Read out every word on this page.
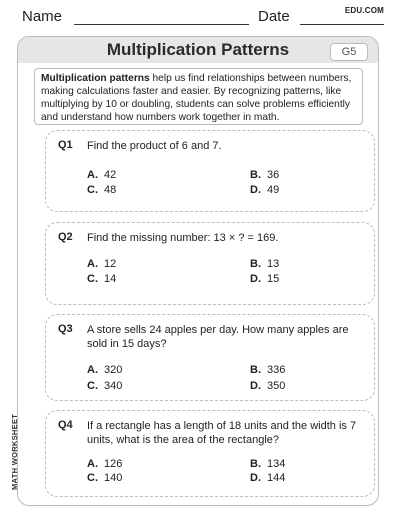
Name	Date	EDU.COM
Multiplication Patterns	G5
Multiplication patterns help us find relationships between numbers, making calculations faster and easier. By recognizing patterns, like multiplying by 10 or doubling, students can solve problems efficiently and understand how numbers work together in math.
Q1 Find the product of 6 and 7.
A. 42	B. 36
C. 48	D. 49
Q2 Find the missing number: 13 × ? = 169.
A. 12	B. 13
C. 14	D. 15
Q3 A store sells 24 apples per day. How many apples are sold in 15 days?
A. 320	B. 336
C. 340	D. 350
Q4 If a rectangle has a length of 18 units and the width is 7 units, what is the area of the rectangle?
A. 126	B. 134
C. 140	D. 144
MATH WORKSHEET
